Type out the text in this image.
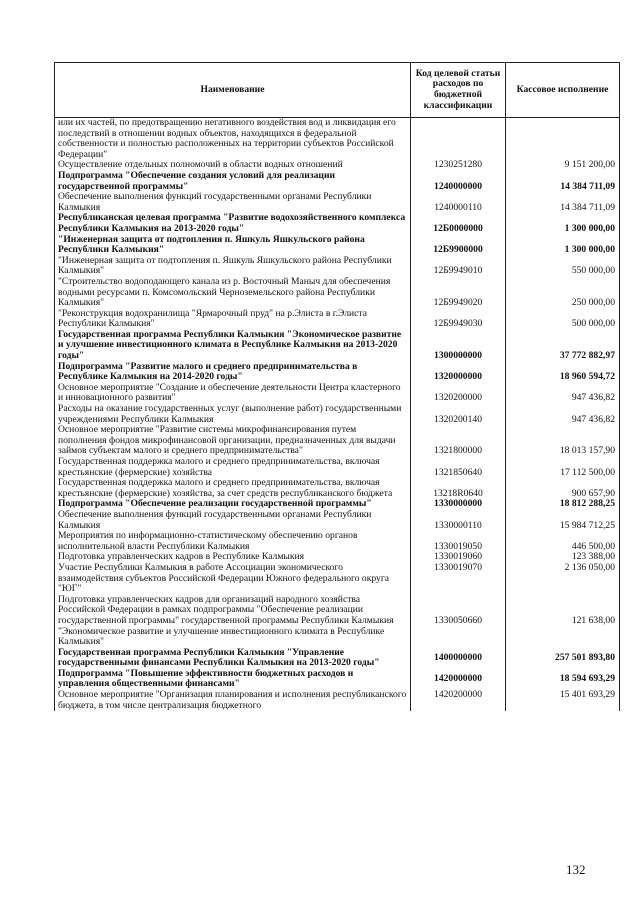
Наименование	Код целевой статьи расходов по бюджетной классификации	Кассовое исполнение
или их частей, по предотвращению негативного воздействия вод и ликвидация его последствий в отношении водных объектов, находящихся в федеральной собственности и полностью расположенных на территории субъектов Российской Федерации"		
Осуществление отдельных полномочий в области водных отношений	1230251280	9 151 200,00
Подпрограмма "Обеспечение создания условий для реализации государственной программы"	1240000000	14 384 711,09
Обеспечение выполнения функций государственными органами Республики Калмыкия	1240000110	14 384 711,09
Республиканская целевая программа "Развитие водохозяйственного комплекса Республики Калмыкия на 2013-2020 годы"	12Б0000000	1 300 000,00
"Инженерная защита от подтопления п. Яшкуль Яшкульского района Республики Калмыкия"	12Б9900000	1 300 000,00
"Инженерная защита от подтопления п. Яшкуль Яшкульского района Республики Калмыкия"	12Б9949010	550 000,00
"Строительство водоподающего канала из р. Восточный Маныч для обеспечения водными ресурсами п. Комсомольский Черноземельского района Республики Калмыкия"	12Б9949020	250 000,00
"Реконструкция водохранилища "Ярмарочный пруд" на р.Элиста в г.Элиста Республики Калмыкия"	12Б9949030	500 000,00
Государственная программа Республики Калмыкия "Экономическое развитие и улучшение инвестиционного климата в Республике Калмыкия на 2013-2020 годы"	1300000000	37 772 882,97
Подпрограмма "Развитие малого и среднего предпринимательства в Республике Калмыкия на 2014-2020 годы"	1320000000	18 960 594,72
Основное мероприятие "Создание и обеспечение деятельности Центра кластерного и инновационного развития"	1320200000	947 436,82
Расходы на оказание государственных услуг (выполнение работ) государственными учреждениями Республики Калмыкия	1320200140	947 436,82
Основное мероприятие "Развитие системы микрофинансирования путем пополнения фондов микрофинансовой организации, предназначенных для выдачи займов субъектам малого и среднего предпринимательства"	1321800000	18 013 157,90
Государственная поддержка малого и среднего предпринимательства, включая крестьянские (фермерские) хозяйства	1321850640	17 112 500,00
Государственная поддержка малого и среднего предпринимательства, включая крестьянские (фермерские) хозяйства, за счет средств республиканского бюджета	13218R0640	900 657,90
Подпрограмма "Обеспечение реализации государственной программы"	1330000000	18 812 288,25
Обеспечение выполнения функций государственными органами Республики Калмыкия	1330000110	15 984 712,25
Мероприятия по информационно-статистическому обеспечению органов исполнительной власти Республики Калмыкия	1330019050	446 500,00
Подготовка управленческих кадров в Республике Калмыкия	1330019060	123 388,00
Участие Республики Калмыкия в работе Ассоциации экономического взаимодействия субъектов Российской Федерации Южного федерального округа "ЮГ"	1330019070	2 136 050,00
Подготовка управленческих кадров для организаций народного хозяйства Российской Федерации в рамках подпрограммы "Обеспечение реализации государственной программы" государственной программы Республики Калмыкия "Экономическое развитие и улучшение инвестиционного климата в Республике Калмыкия"	1330050660	121 638,00
Государственная программа Республики Калмыкия "Управление государственными финансами Республики Калмыкия на 2013-2020 годы"	1400000000	257 501 893,80
Подпрограмма "Повышение эффективности бюджетных расходов и управления общественными финансами"	1420000000	18 594 693,29
Основное мероприятие "Организация планирования и исполнения республиканского бюджета, в том числе централизация бюджетного	1420200000	15 401 693,29
132
